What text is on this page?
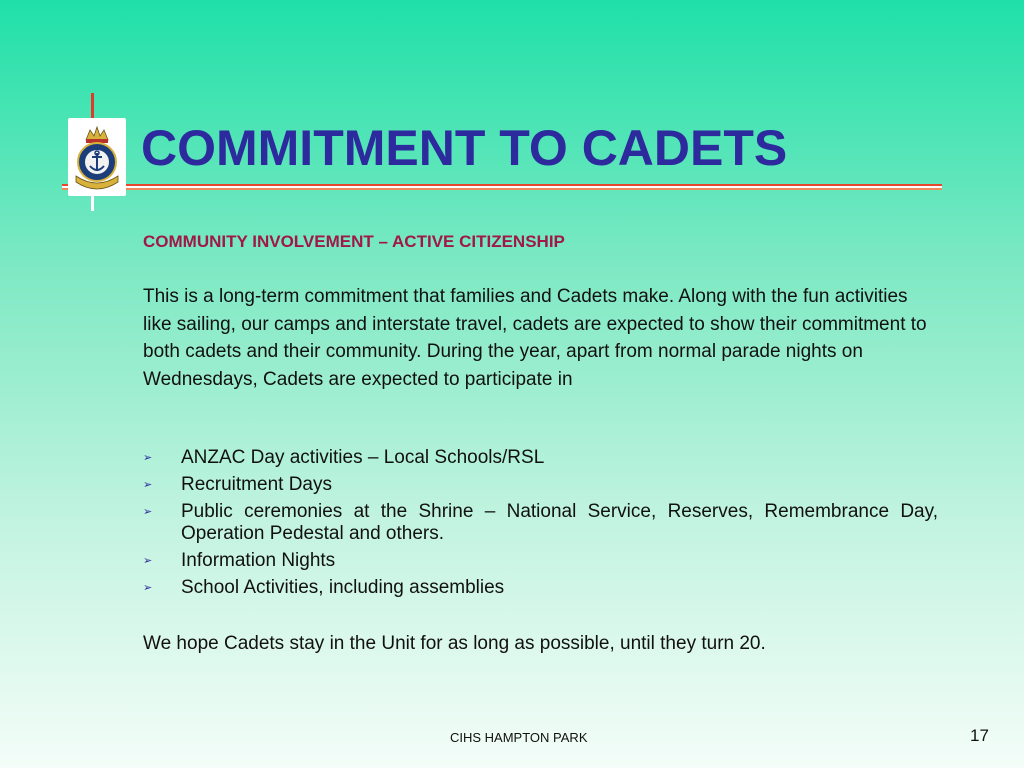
COMMITMENT TO CADETS

COMMUNITY INVOLVEMENT – ACTIVE CITIZENSHIP

This is a long-term commitment that families and Cadets make. Along with the fun activities like sailing, our camps and interstate travel, cadets are expected to show their commitment to both cadets and their community. During the year, apart from normal parade nights on Wednesdays, Cadets are expected to participate in

➢ ANZAC Day activities – Local Schools/RSL
➢ Recruitment Days
➢ Public ceremonies at the Shrine – National Service, Reserves, Remembrance Day, Operation Pedestal and others.
➢ Information Nights
➢ School Activities, including assemblies

We hope Cadets stay in the Unit for as long as possible, until they turn 20.

CIHS HAMPTON PARK	17
